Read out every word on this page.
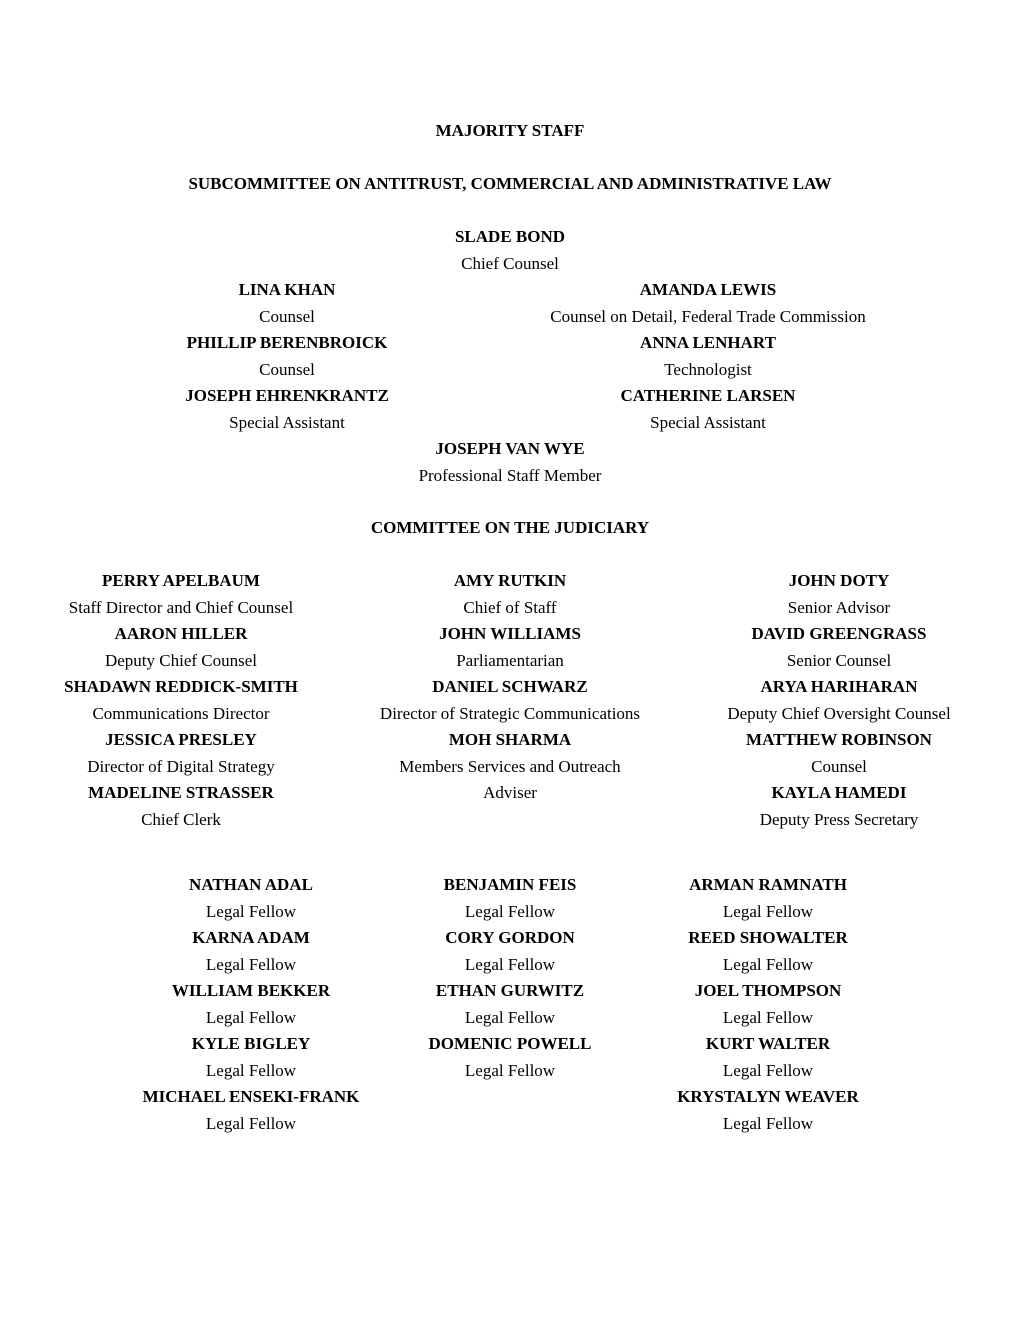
MAJORITY STAFF
SUBCOMMITTEE ON ANTITRUST, COMMERCIAL AND ADMINISTRATIVE LAW
SLADE BOND
Chief Counsel
LINA KHAN
Counsel
PHILLIP BERENBROICK
Counsel
JOSEPH EHRENKRANTZ
Special Assistant
AMANDA LEWIS
Counsel on Detail, Federal Trade Commission
ANNA LENHART
Technologist
CATHERINE LARSEN
Special Assistant
JOSEPH VAN WYE
Professional Staff Member
COMMITTEE ON THE JUDICIARY
PERRY APELBAUM
Staff Director and Chief Counsel
AARON HILLER
Deputy Chief Counsel
SHADAWN REDDICK-SMITH
Communications Director
JESSICA PRESLEY
Director of Digital Strategy
MADELINE STRASSER
Chief Clerk
AMY RUTKIN
Chief of Staff
JOHN WILLIAMS
Parliamentarian
DANIEL SCHWARZ
Director of Strategic Communications
MOH SHARMA
Members Services and Outreach
Adviser
JOHN DOTY
Senior Advisor
DAVID GREENGRASS
Senior Counsel
ARYA HARIHARAN
Deputy Chief Oversight Counsel
MATTHEW ROBINSON
Counsel
KAYLA HAMEDI
Deputy Press Secretary
NATHAN ADAL
Legal Fellow
KARNA ADAM
Legal Fellow
WILLIAM BEKKER
Legal Fellow
KYLE BIGLEY
Legal Fellow
MICHAEL ENSEKI-FRANK
Legal Fellow
BENJAMIN FEIS
Legal Fellow
CORY GORDON
Legal Fellow
ETHAN GURWITZ
Legal Fellow
DOMENIC POWELL
Legal Fellow
ARMAN RAMNATH
Legal Fellow
REED SHOWALTER
Legal Fellow
JOEL THOMPSON
Legal Fellow
KURT WALTER
Legal Fellow
KRYSTALYN WEAVER
Legal Fellow
